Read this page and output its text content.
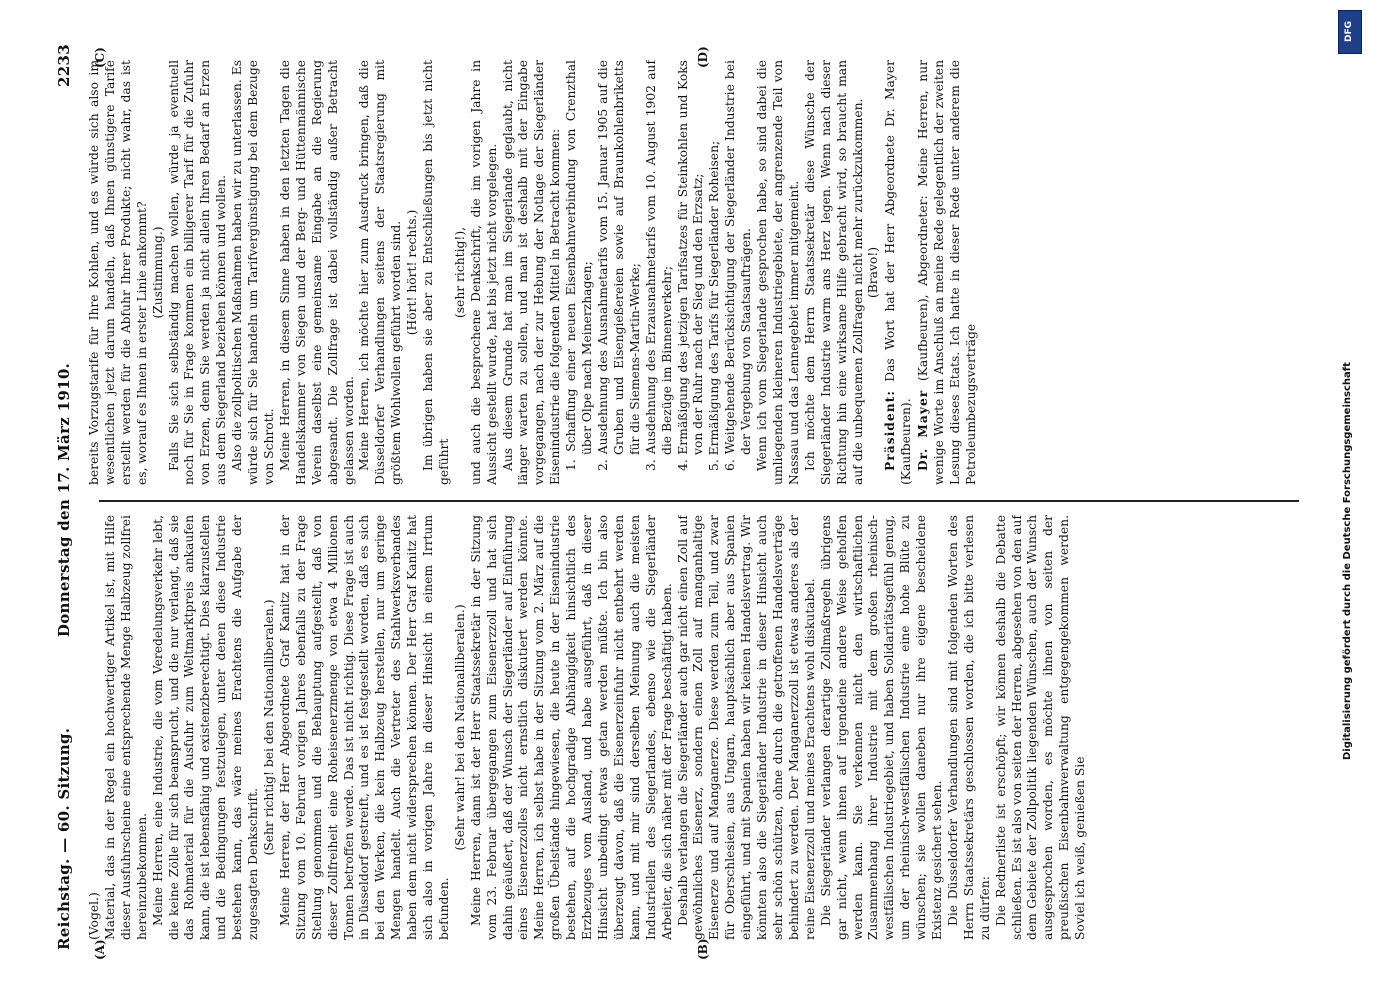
Reichstag. — 60. Sitzung.
Donnerstag den 17. März 1910.
2233
(A)	(B)
(C)	(D)

(Vogel.) Material, das in der Regel ein hochwertiger Artikel ist, mit Hilfe dieser Ausfuhrscheine eine entsprechende Menge Halbzeug zollfrei hereinzubekommen. Meine Herren, eine Industrie, die vom Veredelungsverkehr lebt, die keine Zölle für sich beansprucht, und die nur verlangt, daß sie das Rohmaterial für die Ausfuhr zum Weltmarktpreis ankaufen kann, die ist lebensfähig und existenzberechtigt. Dies klarzustellen und die Bedingungen festzulegen, unter denen diese Industrie bestehen kann, das wäre meines Erachtens die Aufgabe der zugesagten Denkschrift.

(Sehr richtig! bei den Nationalliberalen.) Meine Herren, der Herr Abgeordnete Graf Kanitz hat in der Sitzung vom 10. Februar vorigen Jahres ebenfalls zu der Frage Stellung genommen und die Behauptung aufgestellt, daß von dieser Zollfreiheit eine Roheisenerzmenge von etwa 4 Millionen Tonnen betroffen werde. Das ist nicht richtig. Diese Frage ist auch in Düsseldorf gestreift, und es ist festgestellt worden, daß es sich bei den Werken, die kein Halbzeug herstellen, nur um geringe Mengen handelt. Auch die Vertreter des Stahlwerksverbandes haben dem nicht widersprechen können. Der Herr Graf Kanitz hat sich also in vorigen Jahre in dieser Hinsicht in einem Irrtum befunden.

(Sehr wahr! bei den Nationalliberalen.) Meine Herren, dann ist der Herr Staatssekretär in der Sitzung vom 23. Februar übergegangen zum Eisenerzzoll und hat sich dahin geäußert, daß der Wunsch der Siegerländer auf Einführung eines Eisenerzzolles nicht ernstlich diskutiert werden könnte. Meine Herren, ich selbst habe in der Sitzung vom 2. März auf die großen Übelstände hingewiesen, die heute in der Eisenindustrie bestehen, auf die hochgradige Abhängigkeit hinsichtlich des Erzbezuges vom Ausland, und habe ausgeführt, daß in dieser Hinsicht unbedingt etwas getan werden müßte. Ich bin also überzeugt davon, daß die Eisenerzeinfuhr nicht entbehrt werden kann, und mit mir sind derselben Meinung auch die meisten Industriellen des Siegerlandes, ebenso wie die Siegerländer Arbeiter, die sich näher mit der Frage beschäftigt haben. Deshalb verlangen die Siegerländer auch gar nicht einen Zoll auf gewöhnliches Eisenerz, sondern einen Zoll auf manganhaltige Eisenerze und auf Manganerze. Diese werden zum Teil, und zwar für Oberschlesien, aus Ungarn, hauptsächlich aber aus Spanien eingeführt, und mit Spanien haben wir keinen Handelsvertrag. Wir könnten also die Siegerländer Industrie in dieser Hinsicht auch sehr schön schützen, ohne durch die getroffenen Handelsverträge behindert zu werden. Der Manganerzzoll ist etwas anderes als der reine Eisenerzzoll und meines Erachtens wohl diskutabel. Die Siegerländer verlangen derartige Zollmaßregeln übrigens gar nicht, wenn ihnen auf irgendeine andere Weise geholfen werden kann. Sie verkennen nicht den wirtschaftlichen Zusammenhang ihrer Industrie mit dem großen rheinisch-westfälischen Industriegebiet, und haben Solidaritätsgefühl genug, um der rheinisch-westfälischen Industrie eine hohe Blüte zu wünschen; sie wollen daneben nur ihre eigene bescheidene Existenz gesichert sehen. Die Düsseldorfer Verhandlungen sind mit folgenden Worten des Herrn Staatssekretärs geschlossen worden, die ich bitte verlesen zu dürfen: Die Rednerliste ist erschöpft; wir können deshalb die Debatte schließen. Es ist also von seiten der Herren, abgesehen von den auf dem Gebiete der Zollpolitik liegenden Wünschen, auch der Wunsch ausgesprochen worden, es möchte ihnen von seiten der preußischen Eisenbahnverwaltung entgegengekommen werden. Soviel ich weiß, genießen Sie

bereits Vorzugstarife für Ihre Kohlen, und es würde sich also im wesentlichen jetzt darum handeln, daß Ihnen günstigere Tarife erstellt werden für die Abfuhr Ihrer Produkte; nicht wahr, das ist es, worauf es Ihnen in erster Linie ankommt? (Zustimmung.) Falls Sie sich selbständig machen wollen, würde ja eventuell noch für Sie in Frage kommen ein billigerer Tarif für die Zufuhr von Erzen, denn Sie werden ja nicht allein Ihren Bedarf an Erzen aus dem Siegerland beziehen können und wollen. Also die zollpolitischen Maßnahmen haben wir zu unterlassen. Es würde sich für Sie handeln um Tarifvergünstigung bei dem Bezuge von Schrott. Meine Herren, in diesem Sinne haben in den letzten Tagen die Handelskammer von Siegen und der Berg- und Hüttenmännische Verein daselbst eine gemeinsame Eingabe an die Regierung abgesandt. Die Zollfrage ist dabei vollständig außer Betracht gelassen worden. Meine Herren, ich möchte hier zum Ausdruck bringen, daß die Düsseldorfer Verhandlungen seitens der Staatsregierung mit größtem Wohlwollen geführt worden sind. (Hört! hört! rechts.) Im übrigen haben sie aber zu Entschließungen bis jetzt nicht geführt

(sehr richtig!), und auch die besprochene Denkschrift, die im vorigen Jahre in Aussicht gestellt wurde, hat bis jetzt nicht vorgelegen. Aus diesem Grunde hat man im Siegerlande geglaubt, nicht länger warten zu sollen, und man ist deshalb mit der Eingabe vorgegangen, nach der zur Hebung der Notlage der Siegerländer Eisenindustrie die folgenden Mittel in Betracht kommen: 1. Schaffung einer neuen Eisenbahnverbindung von Crenzthal über Olpe nach Meinerzhagen; 2. Ausdehnung des Ausnahmetarifs vom 15. Januar 1905 auf die Gruben und Eisengießereien sowie auf Braunkohlenbriketts für die Siemens-Martin-Werke; 3. Ausdehnung des Erzausnahmetarifs vom 10. August 1902 auf die Bezüge im Binnenverkehr; 4. Ermäßigung des jetzigen Tarifsatzes für Steinkohlen und Koks von der Ruhr nach der Sieg und den Erzsatz; 5. Ermäßigung des Tarifs für Siegerländer Roheisen; 6. Weitgehende Berücksichtigung der Siegerländer Industrie bei der Vergebung von Staatsaufträgen. Wenn ich vom Siegerlande gesprochen habe, so sind dabei die umliegenden kleineren Industriegebiete, der angrenzende Teil von Nassau und das Lennegebiet immer mitgemeint. Ich möchte dem Herrn Staatssekretär diese Wünsche der Siegerländer Industrie warm ans Herz legen. Wenn nach dieser Richtung hin eine wirksame Hilfe gebracht wird, so braucht man auf die unbequemen Zollfragen nicht mehr zurückzukommen. (Bravo!)

Präsident: Das Wort hat der Herr Abgeordnete Dr. Mayer (Kaufbeuren). Dr. Mayer (Kaufbeuren), Abgeordneter: Meine Herren, nur wenige Worte im Anschluß an meine Rede gelegentlich der zweiten Lesung dieses Etats. Ich hatte in dieser Rede unter anderem die Petroleumbezugsverträge	Digitalisierung gefördert durch die Deutsche Forschungsgemeinschaft
DFG
